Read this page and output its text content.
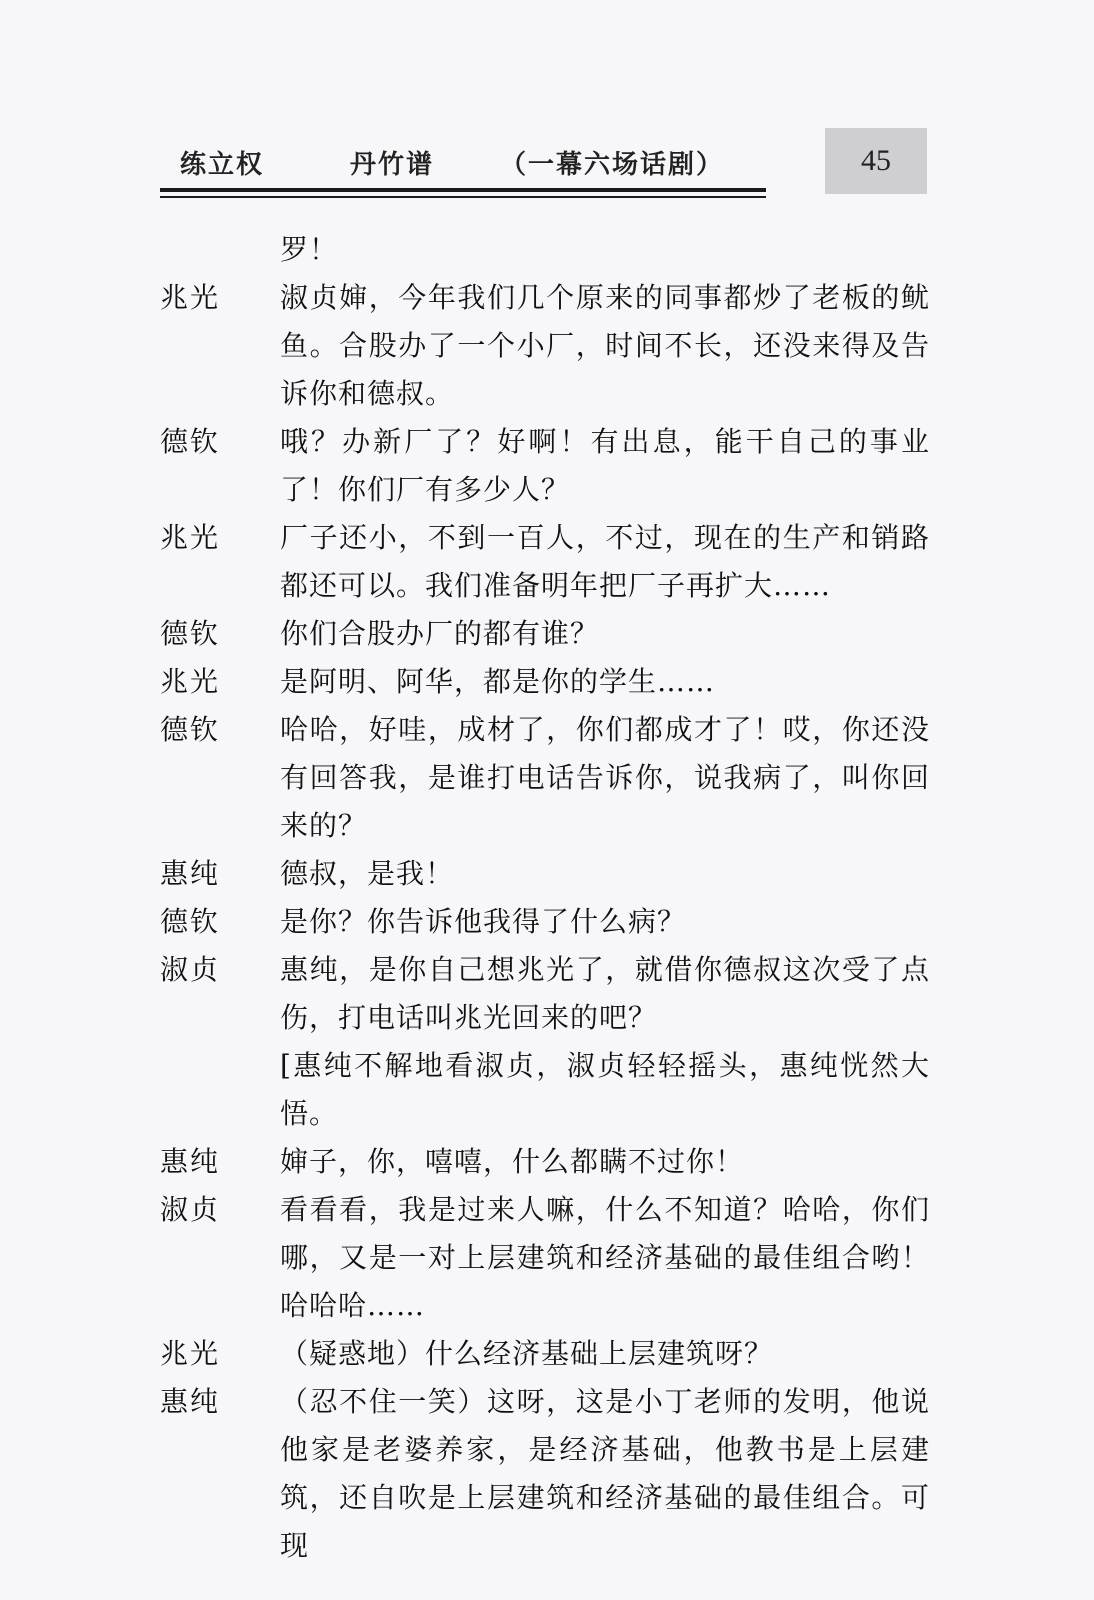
练立权	丹竹谱	（一幕六场话剧）	45
罗！
兆光	淑贞婶，今年我们几个原来的同事都炒了老板的鱿鱼。合股办了一个小厂，时间不长，还没来得及告诉你和德叔。
德钦	哦？办新厂了？好啊！有出息，能干自己的事业了！你们厂有多少人？
兆光	厂子还小，不到一百人，不过，现在的生产和销路都还可以。我们准备明年把厂子再扩大……
德钦	你们合股办厂的都有谁？
兆光	是阿明、阿华，都是你的学生……
德钦	哈哈，好哇，成材了，你们都成才了！哎，你还没有回答我，是谁打电话告诉你，说我病了，叫你回来的？
惠纯	德叔，是我！
德钦	是你？你告诉他我得了什么病？
淑贞	惠纯，是你自己想兆光了，就借你德叔这次受了点伤，打电话叫兆光回来的吧？
[惠纯不解地看淑贞，淑贞轻轻摇头，惠纯恍然大悟。
惠纯	婶子，你，嘻嘻，什么都瞒不过你！
淑贞	看看看，我是过来人嘛，什么不知道？哈哈，你们哪，又是一对上层建筑和经济基础的最佳组合哟！哈哈哈……
兆光	（疑惑地）什么经济基础上层建筑呀？
惠纯	（忍不住一笑）这呀，这是小丁老师的发明，他说他家是老婆养家，是经济基础，他教书是上层建筑，还自吹是上层建筑和经济基础的最佳组合。可现
